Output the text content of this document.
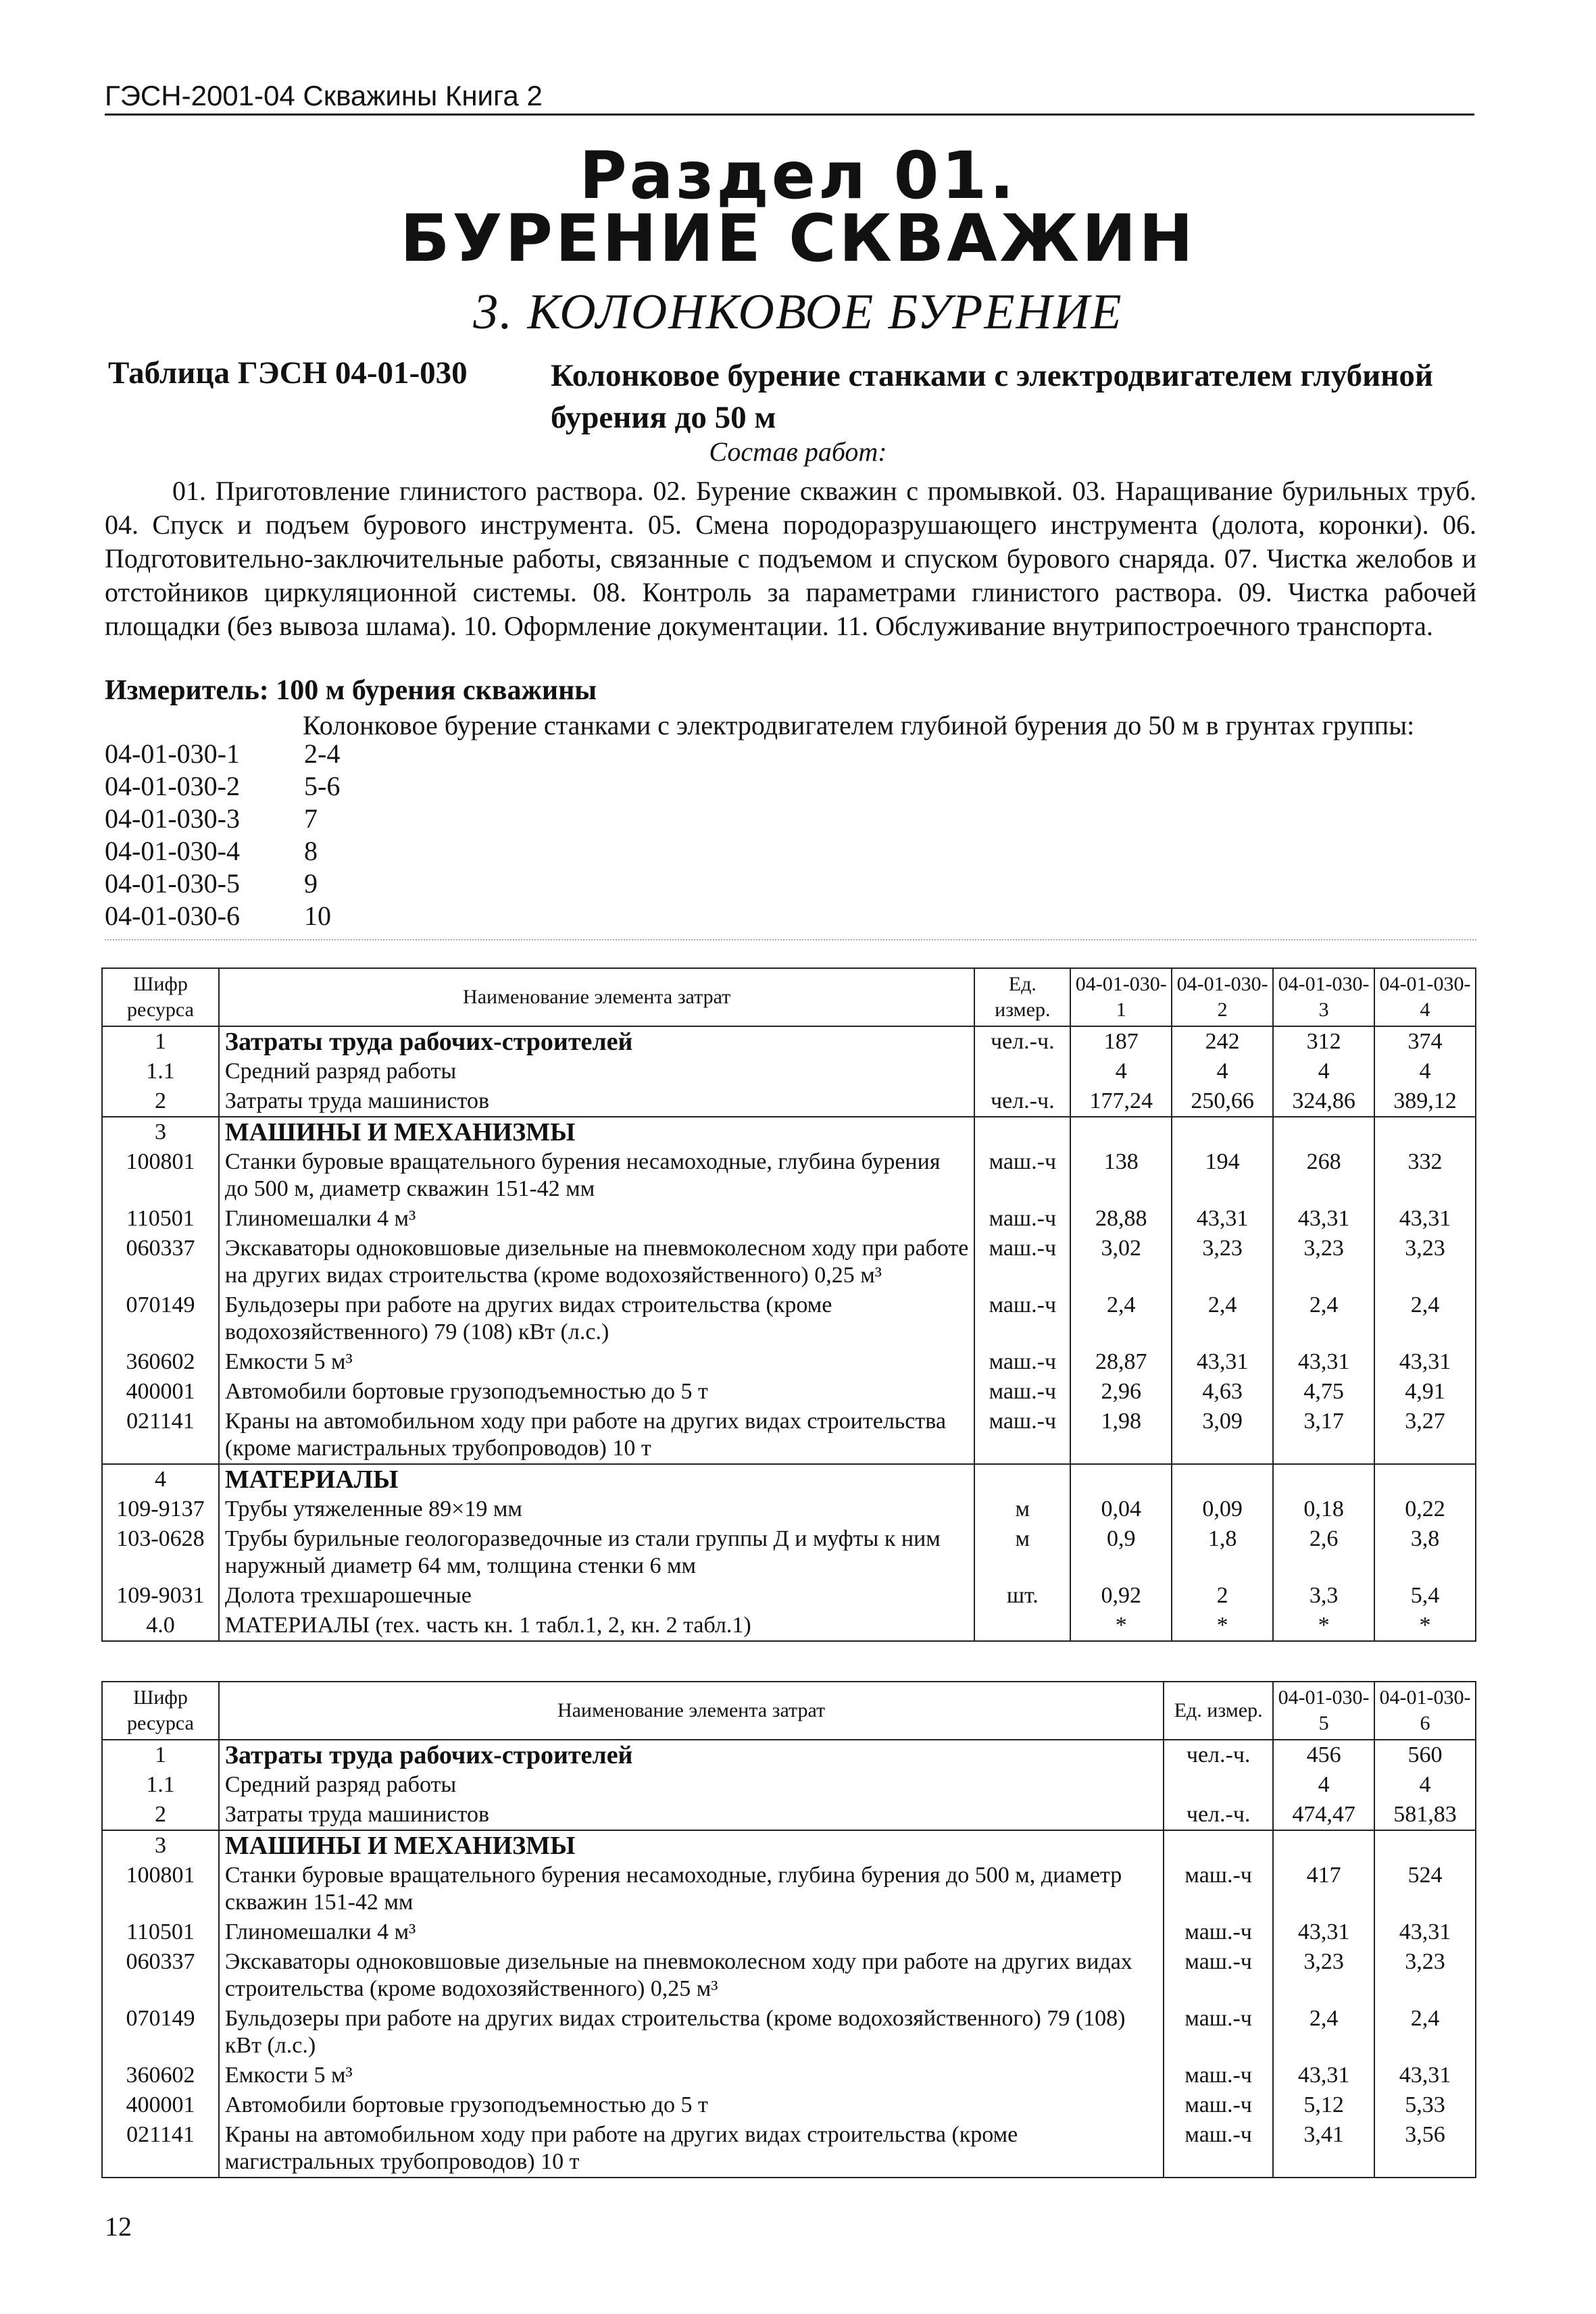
ГЭСН-2001-04 Скважины Книга 2
Раздел 01.
БУРЕНИЕ СКВАЖИН
3. КОЛОНКОВОЕ БУРЕНИЕ
Таблица ГЭСН 04-01-030	Колонковое бурение станками с электродвигателем глубиной бурения до 50 м
Состав работ:
01. Приготовление глинистого раствора. 02. Бурение скважин с промывкой. 03. Наращивание бурильных труб. 04. Спуск и подъем бурового инструмента. 05. Смена породоразрушающего инструмента (долота, коронки). 06. Подготовительно-заключительные работы, связанные с подъемом и спуском бурового снаряда. 07. Чистка желобов и отстойников циркуляционной системы. 08. Контроль за параметрами глинистого раствора. 09. Чистка рабочей площадки (без вывоза шлама). 10. Оформление документации. 11. Обслуживание внутрипостроечного транспорта.
Измеритель: 100 м бурения скважины
Колонковое бурение станками с электродвигателем глубиной бурения до 50 м в грунтах группы:
04-01-030-1 2-4
04-01-030-2 5-6
04-01-030-3 7
04-01-030-4 8
04-01-030-5 9
04-01-030-6 10
Шифр ресурса	Наименование элемента затрат	Ед. измер.	04-01-030-1	04-01-030-2	04-01-030-3	04-01-030-4
1	Затраты труда рабочих-строителей	чел.-ч.	187	242	312	374
1.1	Средний разряд работы		4	4	4	4
2	Затраты труда машинистов	чел.-ч.	177,24	250,66	324,86	389,12
3	МАШИНЫ И МЕХАНИЗМЫ					
100801	Станки буровые вращательного бурения несамоходные, глубина бурения до 500 м, диаметр скважин 151-42 мм	маш.-ч	138	194	268	332
110501	Глиномешалки 4 м³	маш.-ч	28,88	43,31	43,31	43,31
060337	Экскаваторы одноковшовые дизельные на пневмоколесном ходу при работе на других видах строительства (кроме водохозяйственного) 0,25 м³	маш.-ч	3,02	3,23	3,23	3,23
070149	Бульдозеры при работе на других видах строительства (кроме водохозяйственного) 79 (108) кВт (л.с.)	маш.-ч	2,4	2,4	2,4	2,4
360602	Емкости 5 м³	маш.-ч	28,87	43,31	43,31	43,31
400001	Автомобили бортовые грузоподъемностью до 5 т	маш.-ч	2,96	4,63	4,75	4,91
021141	Краны на автомобильном ходу при работе на других видах строительства (кроме магистральных трубопроводов) 10 т	маш.-ч	1,98	3,09	3,17	3,27
4	МАТЕРИАЛЫ					
109-9137	Трубы утяжеленные 89×19 мм	м	0,04	0,09	0,18	0,22
103-0628	Трубы бурильные геологоразведочные из стали группы Д и муфты к ним наружный диаметр 64 мм, толщина стенки 6 мм	м	0,9	1,8	2,6	3,8
109-9031	Долота трехшарошечные	шт.	0,92	2	3,3	5,4
4.0	МАТЕРИАЛЫ (тех. часть кн. 1 табл.1, 2, кн. 2 табл.1)		*	*	*	*
Шифр ресурса	Наименование элемента затрат	Ед. измер.	04-01-030-5	04-01-030-6
1	Затраты труда рабочих-строителей	чел.-ч.	456	560
1.1	Средний разряд работы		4	4
2	Затраты труда машинистов	чел.-ч.	474,47	581,83
3	МАШИНЫ И МЕХАНИЗМЫ			
100801	Станки буровые вращательного бурения несамоходные, глубина бурения до 500 м, диаметр скважин 151-42 мм	маш.-ч	417	524
110501	Глиномешалки 4 м³	маш.-ч	43,31	43,31
060337	Экскаваторы одноковшовые дизельные на пневмоколесном ходу при работе на других видах строительства (кроме водохозяйственного) 0,25 м³	маш.-ч	3,23	3,23
070149	Бульдозеры при работе на других видах строительства (кроме водохозяйственного) 79 (108) кВт (л.с.)	маш.-ч	2,4	2,4
360602	Емкости 5 м³	маш.-ч	43,31	43,31
400001	Автомобили бортовые грузоподъемностью до 5 т	маш.-ч	5,12	5,33
021141	Краны на автомобильном ходу при работе на других видах строительства (кроме магистральных трубопроводов) 10 т	маш.-ч	3,41	3,56
12
